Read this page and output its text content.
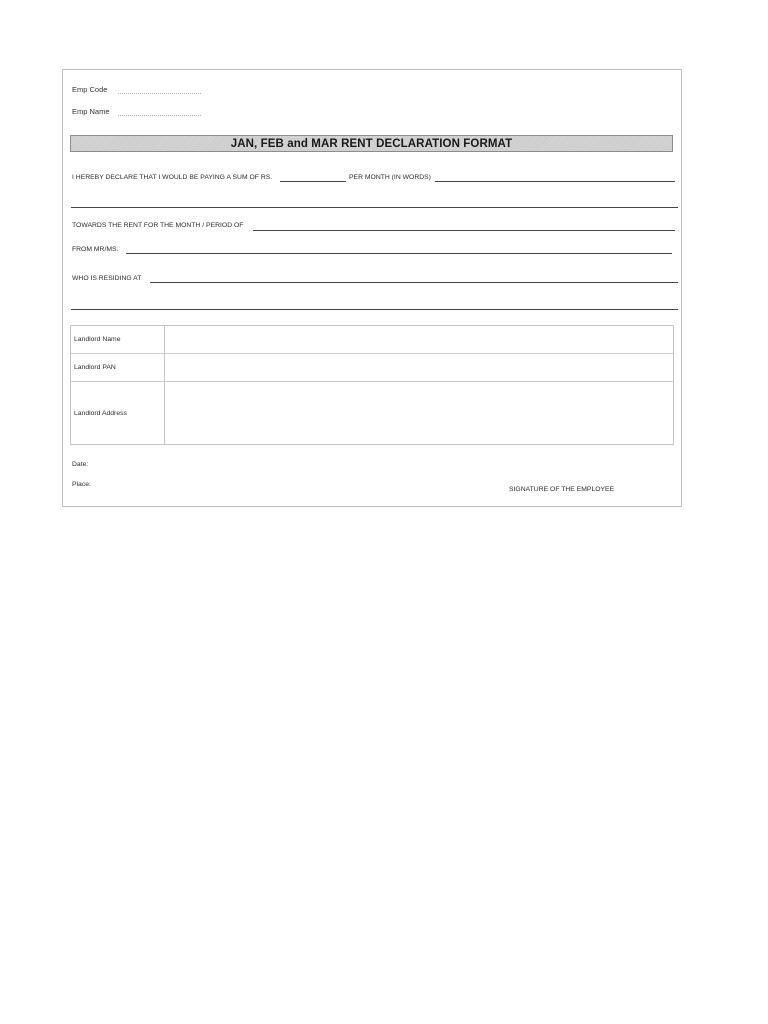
Emp Code
Emp Name
JAN, FEB and MAR RENT DECLARATION FORMAT
I HEREBY DECLARE THAT I WOULD BE PAYING A SUM OF RS.	PER MONTH (IN WORDS)
TOWARDS THE RENT FOR THE MONTH / PERIOD OF
FROM MR/MS.
WHO IS RESIDING AT
Landlord Name
Landlord PAN
Landlord Address
Date:
Place:
SIGNATURE OF THE EMPLOYEE
